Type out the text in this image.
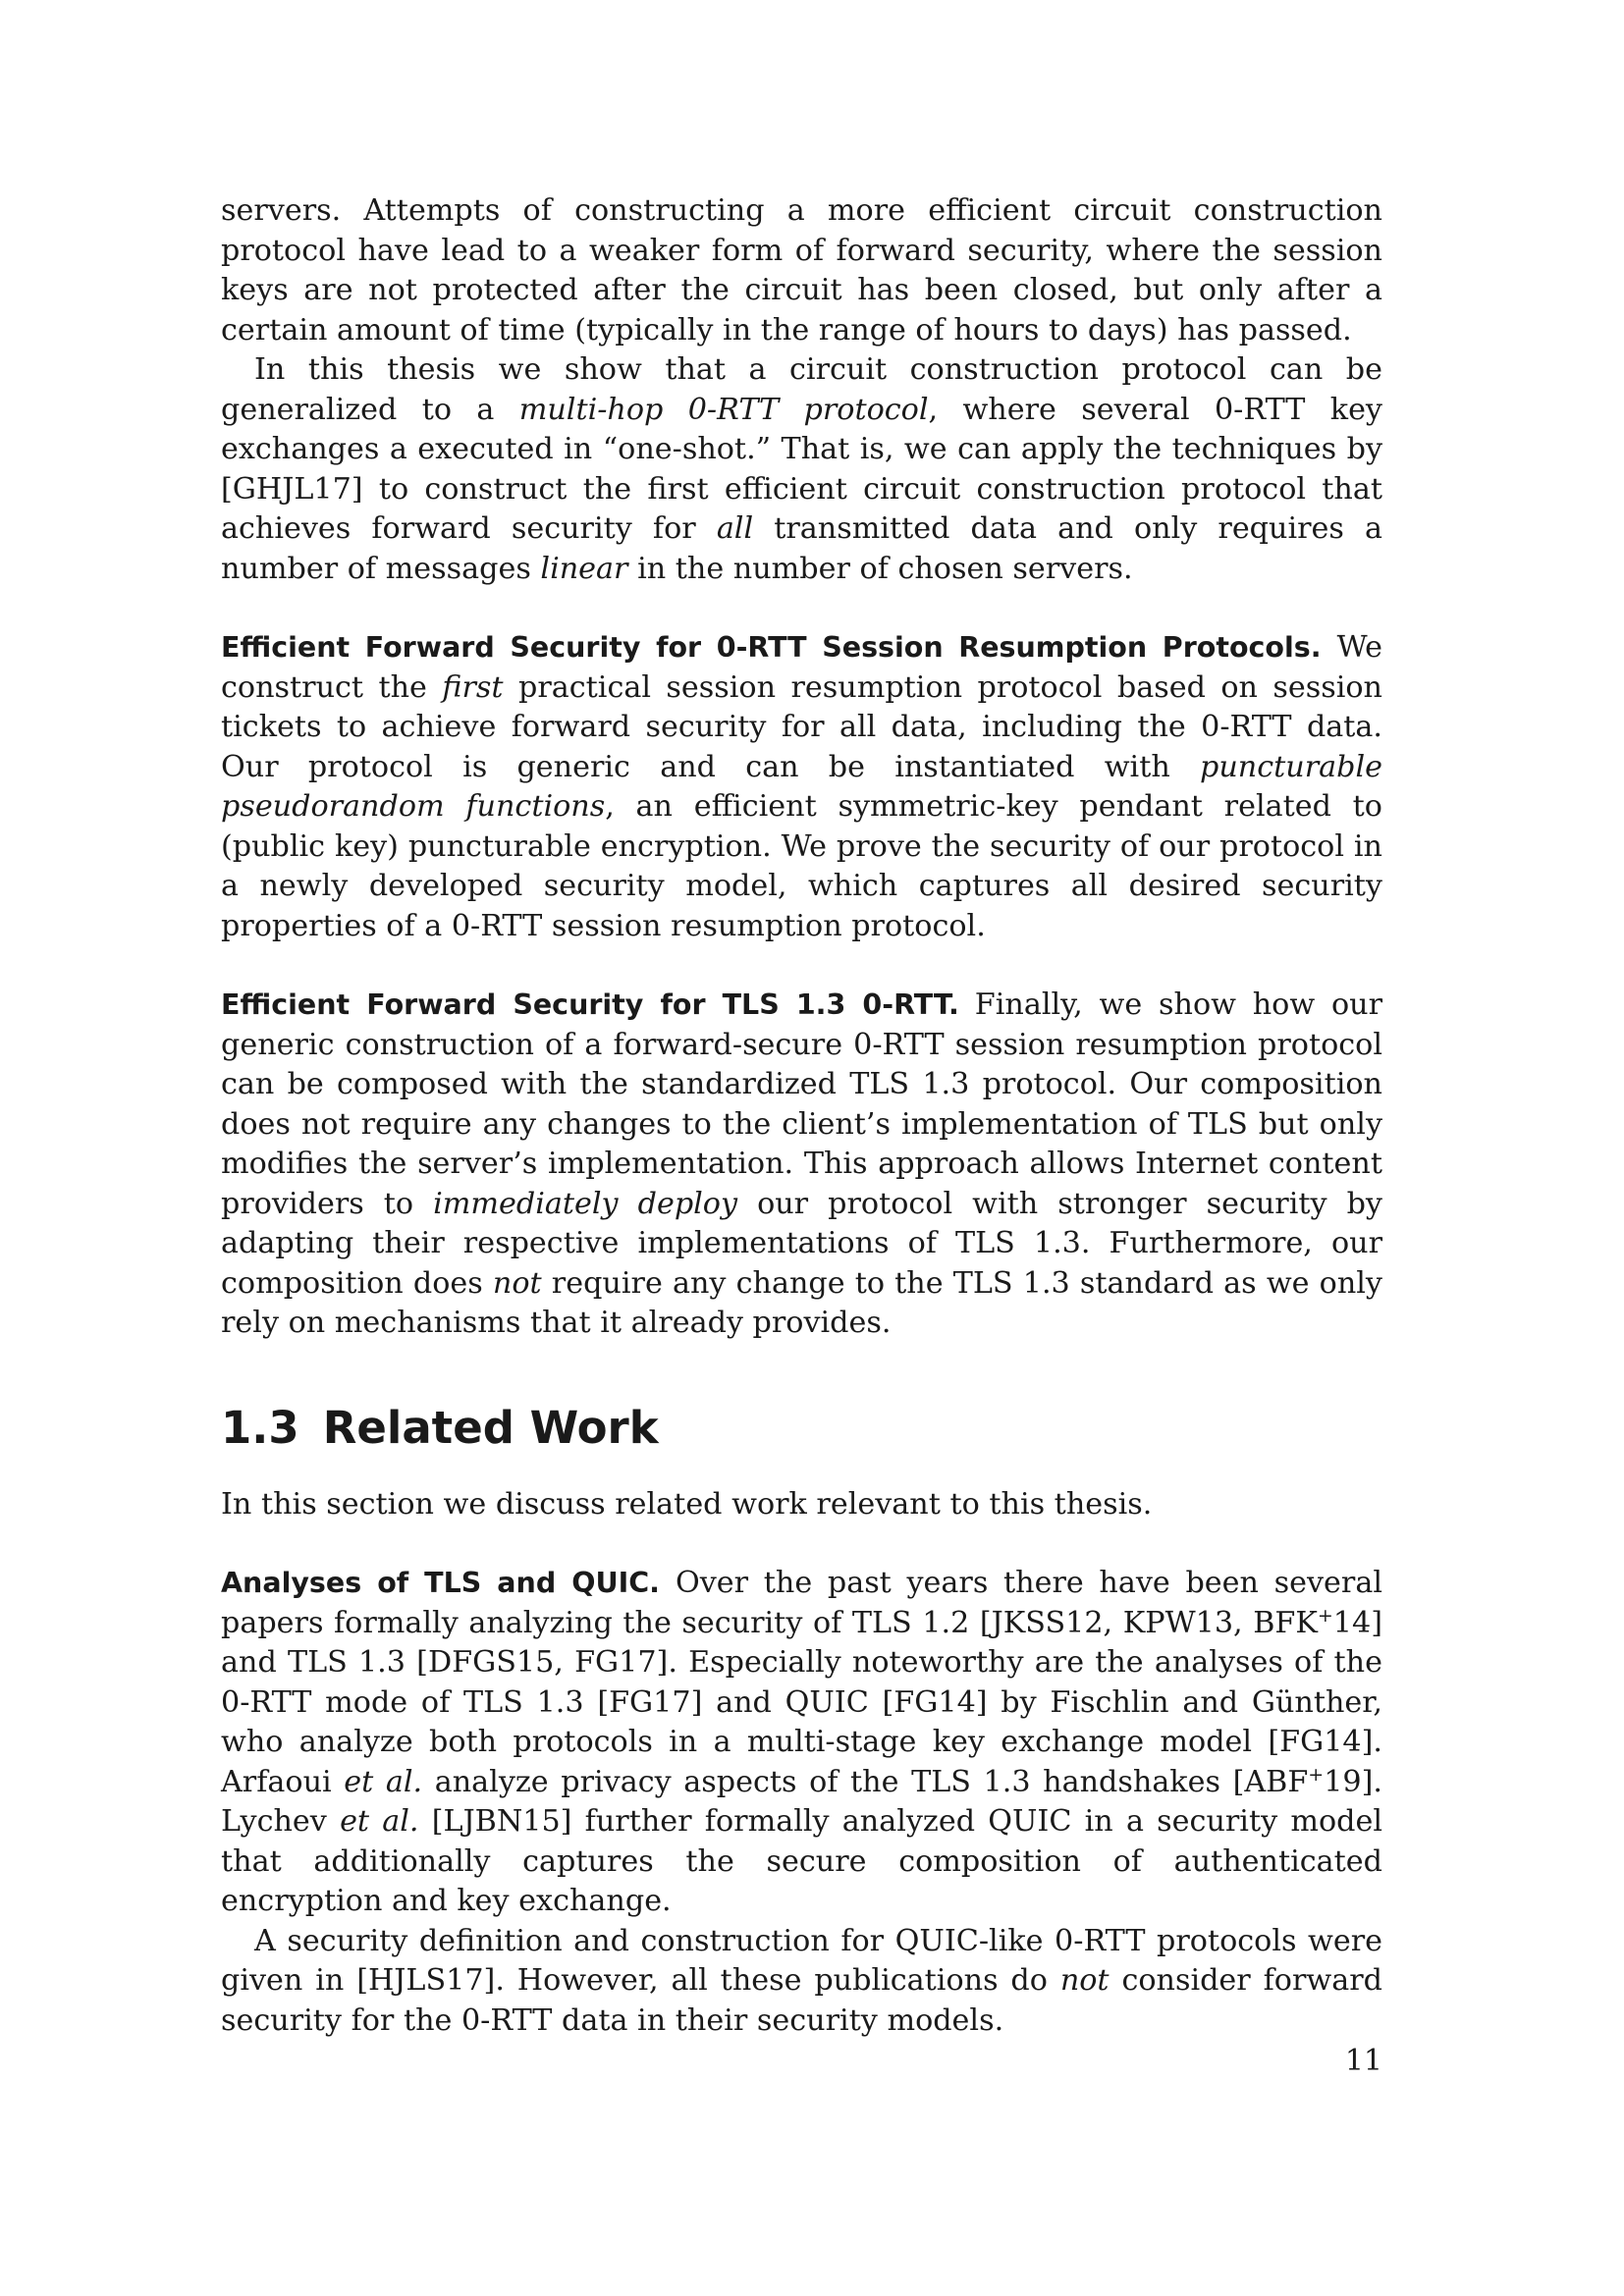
servers. Attempts of constructing a more efficient circuit construction protocol have lead to a weaker form of forward security, where the session keys are not protected after the circuit has been closed, but only after a certain amount of time (typically in the range of hours to days) has passed.

In this thesis we show that a circuit construction protocol can be generalized to a multi-hop 0-RTT protocol, where several 0-RTT key exchanges a executed in “one-shot.” That is, we can apply the techniques by [GHJL17] to construct the first efficient circuit construction protocol that achieves forward security for all transmitted data and only requires a number of messages linear in the number of chosen servers.

Efficient Forward Security for 0-RTT Session Resumption Protocols. We construct the first practical session resumption protocol based on session tickets to achieve forward security for all data, including the 0-RTT data. Our protocol is generic and can be instantiated with puncturable pseudorandom functions, an efficient symmetric-key pendant related to (public key) puncturable encryption. We prove the security of our protocol in a newly developed security model, which captures all desired security properties of a 0-RTT session resumption protocol.

Efficient Forward Security for TLS 1.3 0-RTT. Finally, we show how our generic construction of a forward-secure 0-RTT session resumption protocol can be composed with the standardized TLS 1.3 protocol. Our composition does not require any changes to the client’s implementation of TLS but only modifies the server’s implementation. This approach allows Internet content providers to immediately deploy our protocol with stronger security by adapting their respective implementations of TLS 1.3. Furthermore, our composition does not require any change to the TLS 1.3 standard as we only rely on mechanisms that it already provides.

1.3 Related Work

In this section we discuss related work relevant to this thesis.

Analyses of TLS and QUIC. Over the past years there have been several papers formally analyzing the security of TLS 1.2 [JKSS12, KPW13, BFK+14] and TLS 1.3 [DFGS15, FG17]. Especially noteworthy are the analyses of the 0-RTT mode of TLS 1.3 [FG17] and QUIC [FG14] by Fischlin and Günther, who analyze both protocols in a multi-stage key exchange model [FG14]. Arfaoui et al. analyze privacy aspects of the TLS 1.3 handshakes [ABF+19]. Lychev et al. [LJBN15] further formally analyzed QUIC in a security model that additionally captures the secure composition of authenticated encryption and key exchange.

A security definition and construction for QUIC-like 0-RTT protocols were given in [HJLS17]. However, all these publications do not consider forward security for the 0-RTT data in their security models.

11
